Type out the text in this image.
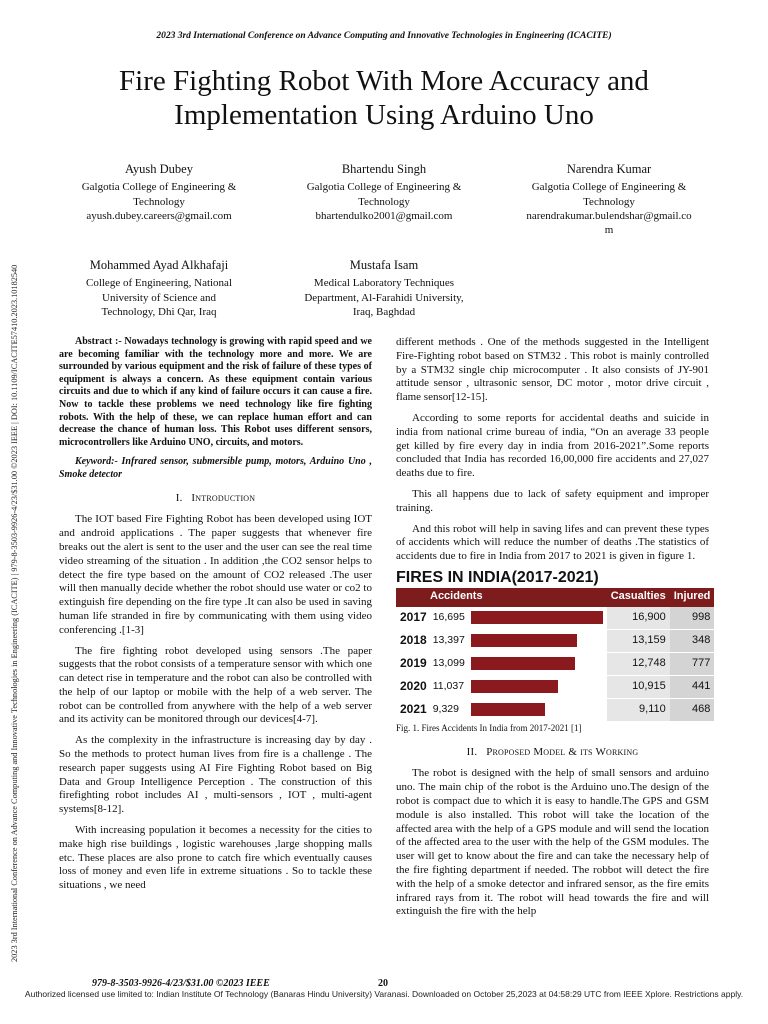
2023 3rd International Conference on Advance Computing and Innovative Technologies in Engineering (ICACITE)
Fire Fighting Robot With More Accuracy and
Implementation Using Arduino Uno
2023 3rd International Conference on Advance Computing and Innovative Technologies in Engineering (ICACITE) | 979-8-3503-9926-4/23/$31.00 ©2023 IEEE | DOI: 10.1109/ICACITE57410.2023.10182540
Ayush Dubey
Galgotia College of Engineering &
Technology
ayush.dubey.careers@gmail.com
Bhartendu Singh
Galgotia College of Engineering &
Technology
bhartendulko2001@gmail.com
Narendra Kumar
Galgotia College of Engineering &
Technology
narendrakumar.bulendshar@gmail.co
m
Mohammed Ayad Alkhafaji
College of Engineering, National
University of Science and
Technology, Dhi Qar, Iraq
Mustafa Isam
Medical Laboratory Techniques
Department, Al-Farahidi University,
Iraq, Baghdad

Abstract :- Nowadays technology is growing with rapid speed and we are becoming familiar with the technology more and more. We are surrounded by various equipment and the risk of failure of these types of equipment is always a concern. As these equipment contain various circuits and due to which if any kind of failure occurs it can cause a fire. Now to tackle these problems we need technology like fire fighting robots. With the help of these, we can replace human effort and can decrease the chance of human loss. This Robot uses different sensors, microcontrollers like Arduino UNO, circuits, and motors.

Keyword:- Infrared sensor, submersible pump, motors, Arduino Uno , Smoke detector

I. Introduction

The IOT based Fire Fighting Robot has been developed using IOT and android applications . The paper suggests that whenever fire breaks out the alert is sent to the user and the user can see the real time video streaming of the situation . In addition ,the CO2 sensor helps to detect the fire type based on the amount of CO2 released .The user will then manually decide whether the robot should use water or co2 to extinguish fire depending on the fire type .It can also be used in saving human life stranded in fire by communicating with them using video conferencing .[1-3]

The fire fighting robot developed using sensors .The paper suggests that the robot consists of a temperature sensor with which one can detect rise in temperature and the robot can also be controlled with the help of our laptop or mobile with the help of a web server. The robot can be controlled from anywhere with the help of a web server and its activity can be monitored through our devices[4-7].

As the complexity in the infrastructure is increasing day by day . So the methods to protect human lives from fire is a challenge . The research paper suggests using AI Fire Fighting Robot based on Big Data and Group Intelligence Perception . The construction of this firefighting robot includes AI , multi-sensors , IOT , multi-agent systems[8-12].

With increasing population it becomes a necessity for the cities to make high rise buildings , logistic warehouses ,large shopping malls etc. These places are also prone to catch fire which eventually causes loss of money and even life in extreme situations . So to tackle these situations , we need

different methods . One of the methods suggested in the Intelligent Fire-Fighting robot based on STM32 . This robot is mainly controlled by a STM32 single chip microcomputer . It also consists of JY-901 attitude sensor , ultrasonic sensor, DC motor , motor drive circuit , flame sensor[12-15].

According to some reports for accidental deaths and suicide in india from national crime bureau of india, “On an average 33 people get killed by fire every day in india from 2016-2021”.Some reports concluded that India has recorded 16,00,000 fire accidents and 27,027 deaths due to fire.

This all happens due to lack of safety equipment and improper training.

And this robot will help in saving lifes and can prevent these types of accidents which will reduce the number of deaths .The statistics of accidents due to fire in India from 2017 to 2021 is given in figure 1.

FIRES IN INDIA(2017-2021)
Accidents		Casualties	Injured
2017	16,695	16,900	998
2018	13,397	13,159	348
2019	13,099	12,748	777
2020	11,037	10,915	441
2021	9,329	9,110	468

Fig. 1. Fires Accidents In India from 2017-2021 [1]

II. Proposed Model & its Working

The robot is designed with the help of small sensors and arduino uno. The main chip of the robot is the Arduino uno.The design of the robot is compact due to which it is easy to handle.The GPS and GSM module is also installed. This robot will take the location of the affected area with the help of a GPS module and will send the location of the affected area to the user with the help of the GSM modules. The user will get to know about the fire and can take the necessary help of the fire fighting department if needed. The robbot will detect the fire with the help of a smoke detector and infrared sensor, as the fire emits infrared rays from it. The robot will head towards the fire and will extinguish the fire with the help

979-8-3503-9926-4/23/$31.00 ©2023 IEEE	20
Authorized licensed use limited to: Indian Institute Of Technology (Banaras Hindu University) Varanasi. Downloaded on October 25,2023 at 04:58:29 UTC from IEEE Xplore. Restrictions apply.
